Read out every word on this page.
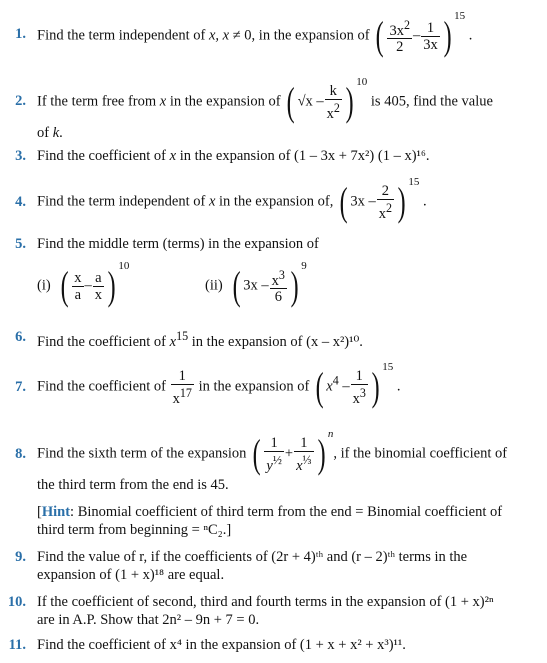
1. Find the term independent of x, x ≠ 0, in the expansion of ( $\frac{3x^2}{2} - \frac{1}{3x}$ ) $^{15}$ .
2. If the term free from x in the expansion of ( $√x - \frac{k}{x^2}$ ) $^{10}$ is 405, find the value
of k.
3. Find the coefficient of x in the expansion of (1 – 3x + 7x²) (1 – x)¹⁶.
4. Find the term independent of x in the expansion of, ( $3x - \frac{2}{x^2}$ ) $^{15}$ .
5. Find the middle term (terms) in the expansion of
(i) ( $\frac{x}{a} - \frac{a}{x}$ ) $^{10}$
(ii) ( $3x - \frac{x^3}{6}$ ) $^9$
6. Find the coefficient of $x^{15}$ in the expansion of (x – x²)¹⁰.
7. Find the coefficient of $\frac{1}{x^{17}}$ in the expansion of ( $x^4 - \frac{1}{x^3}$ ) $^{15}$ .
8. Find the sixth term of the expansion ( $\frac{1}{y^{\frac{1}{2}}} + \frac{1}{x^{\frac{1}{3}}}$ ) $^n$, if the binomial coefficient of
the third term from the end is 45.
[Hint: Binomial coefficient of third term from the end = Binomial coefficient of
third term from beginning = ⁿC₂.]
9. Find the value of r, if the coefficients of (2r + 4)ᵗʰ and (r – 2)ᵗʰ terms in the
expansion of (1 + x)¹⁸ are equal.
10. If the coefficient of second, third and fourth terms in the expansion of (1 + x)²ⁿ
are in A.P. Show that 2n² – 9n + 7 = 0.
11. Find the coefficient of x⁴ in the expansion of (1 + x + x² + x³)¹¹.
